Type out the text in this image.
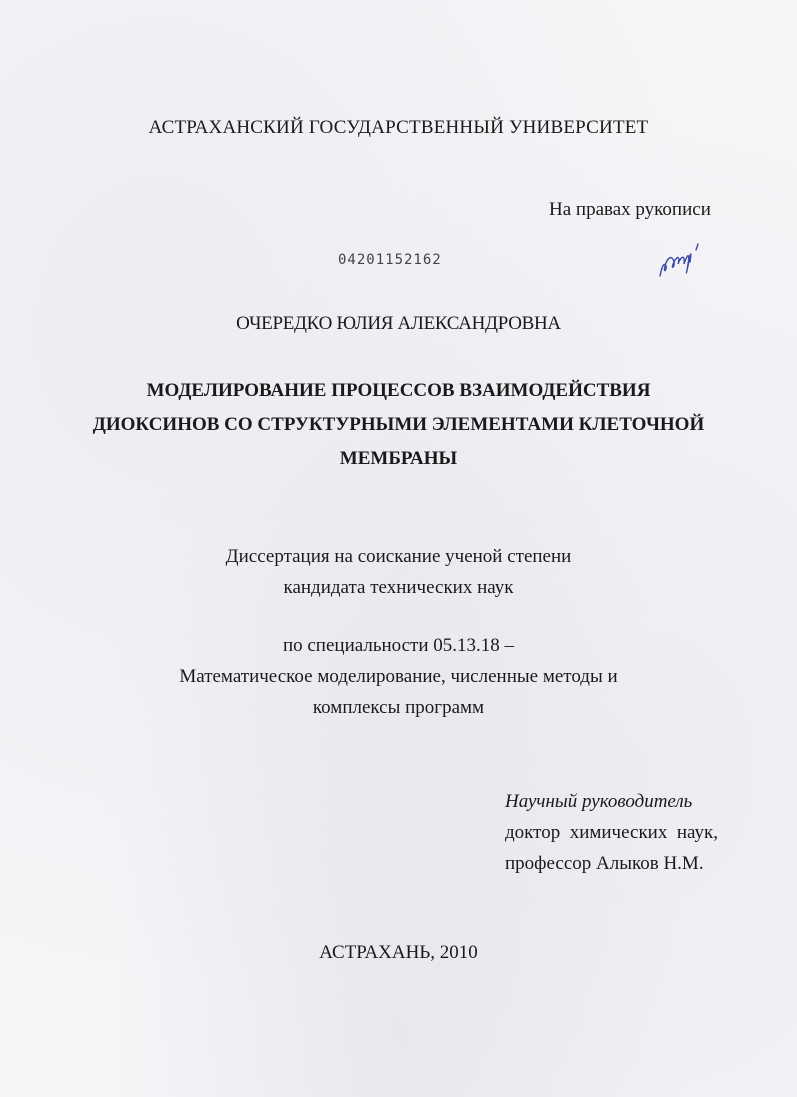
АСТРАХАНСКИЙ ГОСУДАРСТВЕННЫЙ УНИВЕРСИТЕТ
На правах рукописи
04201152162
ОЧЕРЕДКО ЮЛИЯ АЛЕКСАНДРОВНА
МОДЕЛИРОВАНИЕ ПРОЦЕССОВ ВЗАИМОДЕЙСТВИЯ
ДИОКСИНОВ СО СТРУКТУРНЫМИ ЭЛЕМЕНТАМИ КЛЕТОЧНОЙ
МЕМБРАНЫ
Диссертация на соискание ученой степени
кандидата технических наук
по специальности 05.13.18 –
Математическое моделирование, численные методы и
комплексы программ
Научный руководитель
доктор  химических  наук,
профессор Алыков Н.М.
АСТРАХАНЬ, 2010
